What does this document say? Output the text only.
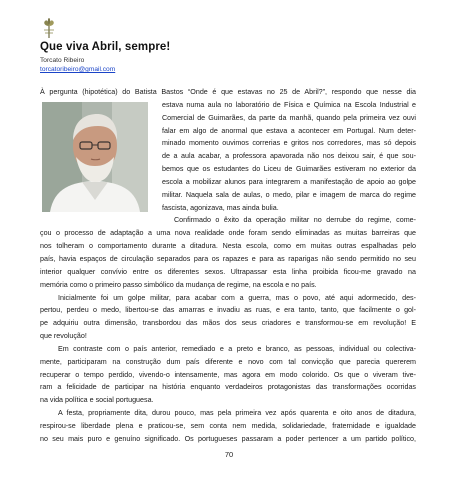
Que viva Abril, sempre!
Torcato Ribeiro
torcatoribeiro@gmail.com

À pergunta (hipotética) do Batista Bastos “Onde é que estavas no 25 de Abril?”, respondo que nesse dia
estava numa aula no laboratório de Física e Química na Escola Industrial e
Comercial de Guimarães, da parte da manhã, quando pela primeira vez ouvi
falar em algo de anormal que estava a acontecer em Portugal. Num deter-
minado momento ouvimos correrias e gritos nos corredores, mas só depois
de a aula acabar, a professora apavorada não nos deixou sair, é que sou-
bemos que os estudantes do Liceu de Guimarães estiveram no exterior da
escola a mobilizar alunos para integrarem a manifestação de apoio ao golpe
militar. Naquela sala de aulas, o medo, pilar e imagem de marca do regime
fascista, agonizava, mas ainda bulia.

Confirmado o êxito da operação militar no derrube do regime, come-
çou o processo de adaptação a uma nova realidade onde foram sendo eliminadas as muitas barreiras que
nos tolheram o comportamento durante a ditadura. Nesta escola, como em muitas outras espalhadas pelo
país, havia espaços de circulação separados para os rapazes e para as raparigas não sendo permitido no seu
interior qualquer convívio entre os diferentes sexos. Ultrapassar esta linha proibida ficou-me gravado na
memória como o primeiro passo simbólico da mudança de regime, na escola e no país.

Inicialmente foi um golpe militar, para acabar com a guerra, mas o povo, até aqui adormecido, des-
pertou, perdeu o medo, libertou-se das amarras e invadiu as ruas, e era tanto, tanto, que facilmente o gol-
pe adquiriu outra dimensão, transbordou das mãos dos seus criadores e transformou-se em revolução! E
que revolução!

Em contraste com o país anterior, remediado e a preto e branco, as pessoas, individual ou colectiva-
mente, participaram na construção dum país diferente e novo com tal convicção que parecia quererem
recuperar o tempo perdido, vivendo-o intensamente, mas agora em modo colorido. Os que o viveram tive-
ram a felicidade de participar na história enquanto verdadeiros protagonistas das transformações ocorridas
na vida política e social portuguesa.

A festa, propriamente dita, durou pouco, mas pela primeira vez após quarenta e oito anos de ditadura,
respirou-se liberdade plena e praticou-se, sem conta nem medida, solidariedade, fraternidade e igualdade
no seu mais puro e genuíno significado. Os portugueses passaram a poder pertencer a um partido político,

70
